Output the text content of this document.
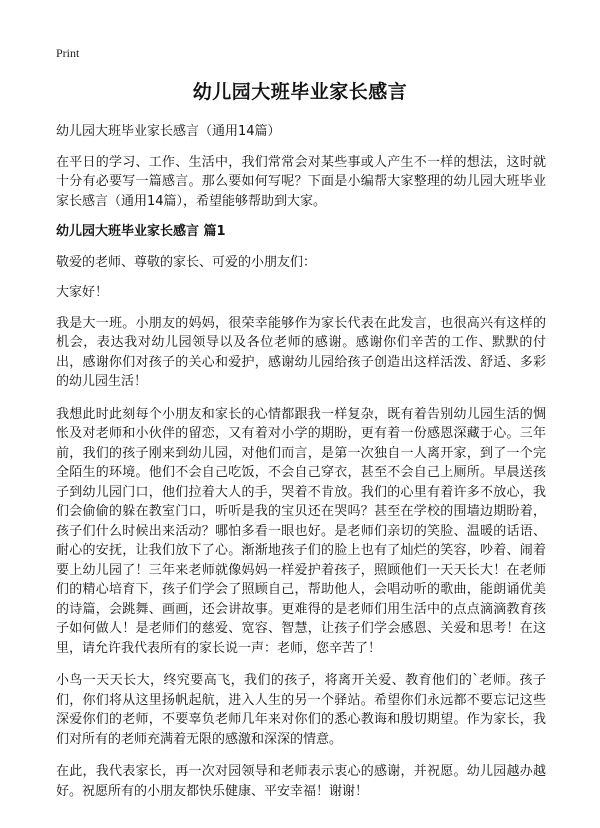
Print
幼儿园大班毕业家长感言

幼儿园大班毕业家长感言（通用14篇）

在平日的学习、工作、生活中，我们常常会对某些事或人产生不一样的想法，这时就十分有必要写一篇感言。那么要如何写呢？下面是小编帮大家整理的幼儿园大班毕业家长感言（通用14篇），希望能够帮助到大家。

幼儿园大班毕业家长感言 篇1

敬爱的老师、尊敬的家长、可爱的小朋友们：

大家好！

我是大一班。小朋友的妈妈，很荣幸能够作为家长代表在此发言，也很高兴有这样的机会，表达我对幼儿园领导以及各位老师的感谢。感谢你们辛苦的工作、默默的付出，感谢你们对孩子的关心和爱护，感谢幼儿园给孩子创造出这样活泼、舒适、多彩的幼儿园生活！

我想此时此刻每个小朋友和家长的心情都跟我一样复杂，既有着告别幼儿园生活的惆怅及对老师和小伙伴的留恋，又有着对小学的期盼，更有着一份感恩深藏于心。三年前，我们的孩子刚来到幼儿园，对他们而言，是第一次独自一人离开家，到了一个完全陌生的环境。他们不会自己吃饭，不会自己穿衣，甚至不会自己上厕所。早晨送孩子到幼儿园门口，他们拉着大人的手，哭着不肯放。我们的心里有着许多不放心，我们会偷偷的躲在教室门口，听听是我的宝贝还在哭吗？甚至在学校的围墙边期盼着，孩子们什么时候出来活动？哪怕多看一眼也好。是老师们亲切的笑脸、温暖的话语、耐心的安抚，让我们放下了心。渐渐地孩子们的脸上也有了灿烂的笑容，吵着、闹着要上幼儿园了！三年来老师就像妈妈一样爱护着孩子，照顾他们一天天长大！在老师们的精心培育下，孩子们学会了照顾自己，帮助他人，会唱动听的歌曲，能朗诵优美的诗篇，会跳舞、画画，还会讲故事。更难得的是老师们用生活中的点点滴滴教育孩子如何做人！是老师们的慈爱、宽容、智慧，让孩子们学会感恩、关爱和思考！在这里，请允许我代表所有的家长说一声：老师，您辛苦了！

小鸟一天天长大，终究要高飞，我们的孩子，将离开关爱、教育他们的`老师。孩子们，你们将从这里扬帆起航，进入人生的另一个驿站。希望你们永远都不要忘记这些深爱你们的老师，不要辜负老师几年来对你们的悉心教诲和殷切期望。作为家长，我们对所有的老师充满着无限的感激和深深的情意。

在此，我代表家长，再一次对园领导和老师表示衷心的感谢，并祝愿。幼儿园越办越好。祝愿所有的小朋友都快乐健康、平安幸福！谢谢！
